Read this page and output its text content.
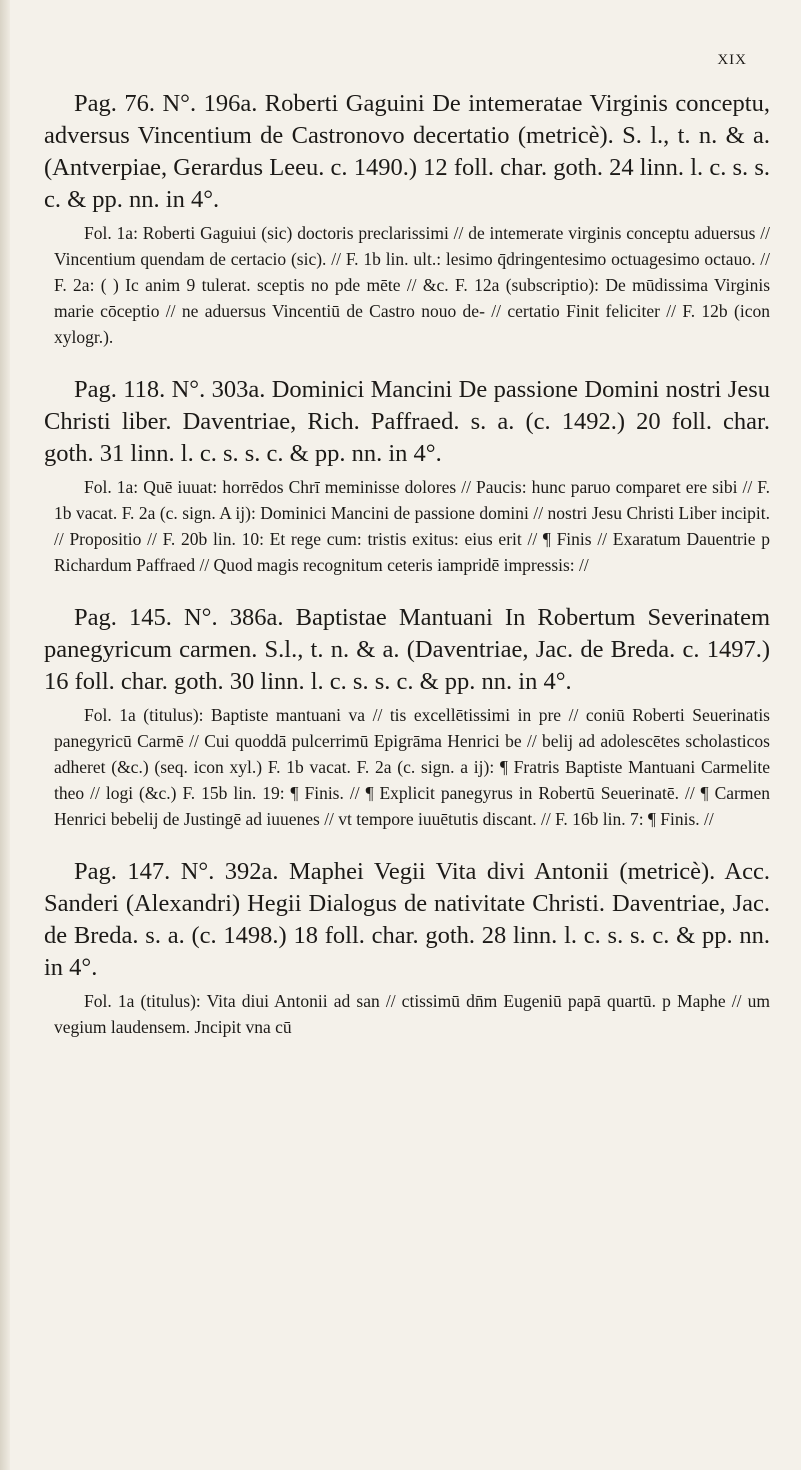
XIX

Pag. 76. N°. 196a. Roberti Gaguini De intemeratae Virginis conceptu, adversus Vincentium de Castronovo decertatio (metricè). S. l., t. n. & a. (Antverpiae, Gerardus Leeu. c. 1490.) 12 foll. char. goth. 24 linn. l. c. s. s. c. & pp. nn. in 4°.

Fol. 1a: Roberti Gaguiui (sic) doctoris preclarissimi // de intemerate virginis conceptu aduersus // Vincentium quendam de certacio (sic). // F. 1b lin. ult.: lesimo q̄dringentesimo octuagesimo octauo. // F. 2a: ( ) Ic anim 9 tulerat. sceptis no pde mēte // &c. F. 12a (subscriptio): De mūdissima Virginis marie cōceptio // ne aduersus Vincentiū de Castro nouo de- // certatio Finit feliciter // F. 12b (icon xylogr.).

Pag. 118. N°. 303a. Dominici Mancini De passione Domini nostri Jesu Christi liber. Daventriae, Rich. Paffraed. s. a. (c. 1492.) 20 foll. char. goth. 31 linn. l. c. s. s. c. & pp. nn. in 4°.

Fol. 1a: Quē iuuat: horrēdos Chrī meminisse dolores // Paucis: hunc paruo comparet ere sibi // F. 1b vacat. F. 2a (c. sign. A ij): Dominici Mancini de passione domini // nostri Jesu Christi Liber incipit. // Propositio // F. 20b lin. 10: Et rege cum: tristis exitus: eius erit // ¶ Finis // Exaratum Dauentrie p Richardum Paffraed // Quod magis recognitum ceteris iampridē impressis: //

Pag. 145. N°. 386a. Baptistae Mantuani In Robertum Severinatem panegyricum carmen. S.l., t. n. & a. (Daventriae, Jac. de Breda. c. 1497.) 16 foll. char. goth. 30 linn. l. c. s. s. c. & pp. nn. in 4°.

Fol. 1a (titulus): Baptiste mantuani va // tis excellētissimi in pre // coniū Roberti Seuerinatis panegyricū Carmē // Cui quoddā pulcerrimū Epigrāma Henrici be // belij ad adolescētes scholasticos adheret (&c.) (seq. icon xyl.) F. 1b vacat. F. 2a (c. sign. a ij): ¶ Fratris Baptiste Mantuani Carmelite theo // logi (&c.) F. 15b lin. 19: ¶ Finis. // ¶ Explicit panegyrus in Robertū Seuerinatē. // ¶ Carmen Henrici bebelij de Justingē ad iuuenes // vt tempore iuuētutis discant. // F. 16b lin. 7: ¶ Finis. //

Pag. 147. N°. 392a. Maphei Vegii Vita divi Antonii (metricè). Acc. Sanderi (Alexandri) Hegii Dialogus de nativitate Christi. Daventriae, Jac. de Breda. s. a. (c. 1498.) 18 foll. char. goth. 28 linn. l. c. s. s. c. & pp. nn. in 4°.

Fol. 1a (titulus): Vita diui Antonii ad san // ctissimū dn̄m Eugeniū papā quartū. p Maphe // um vegium laudensem. Jncipit vna cū
